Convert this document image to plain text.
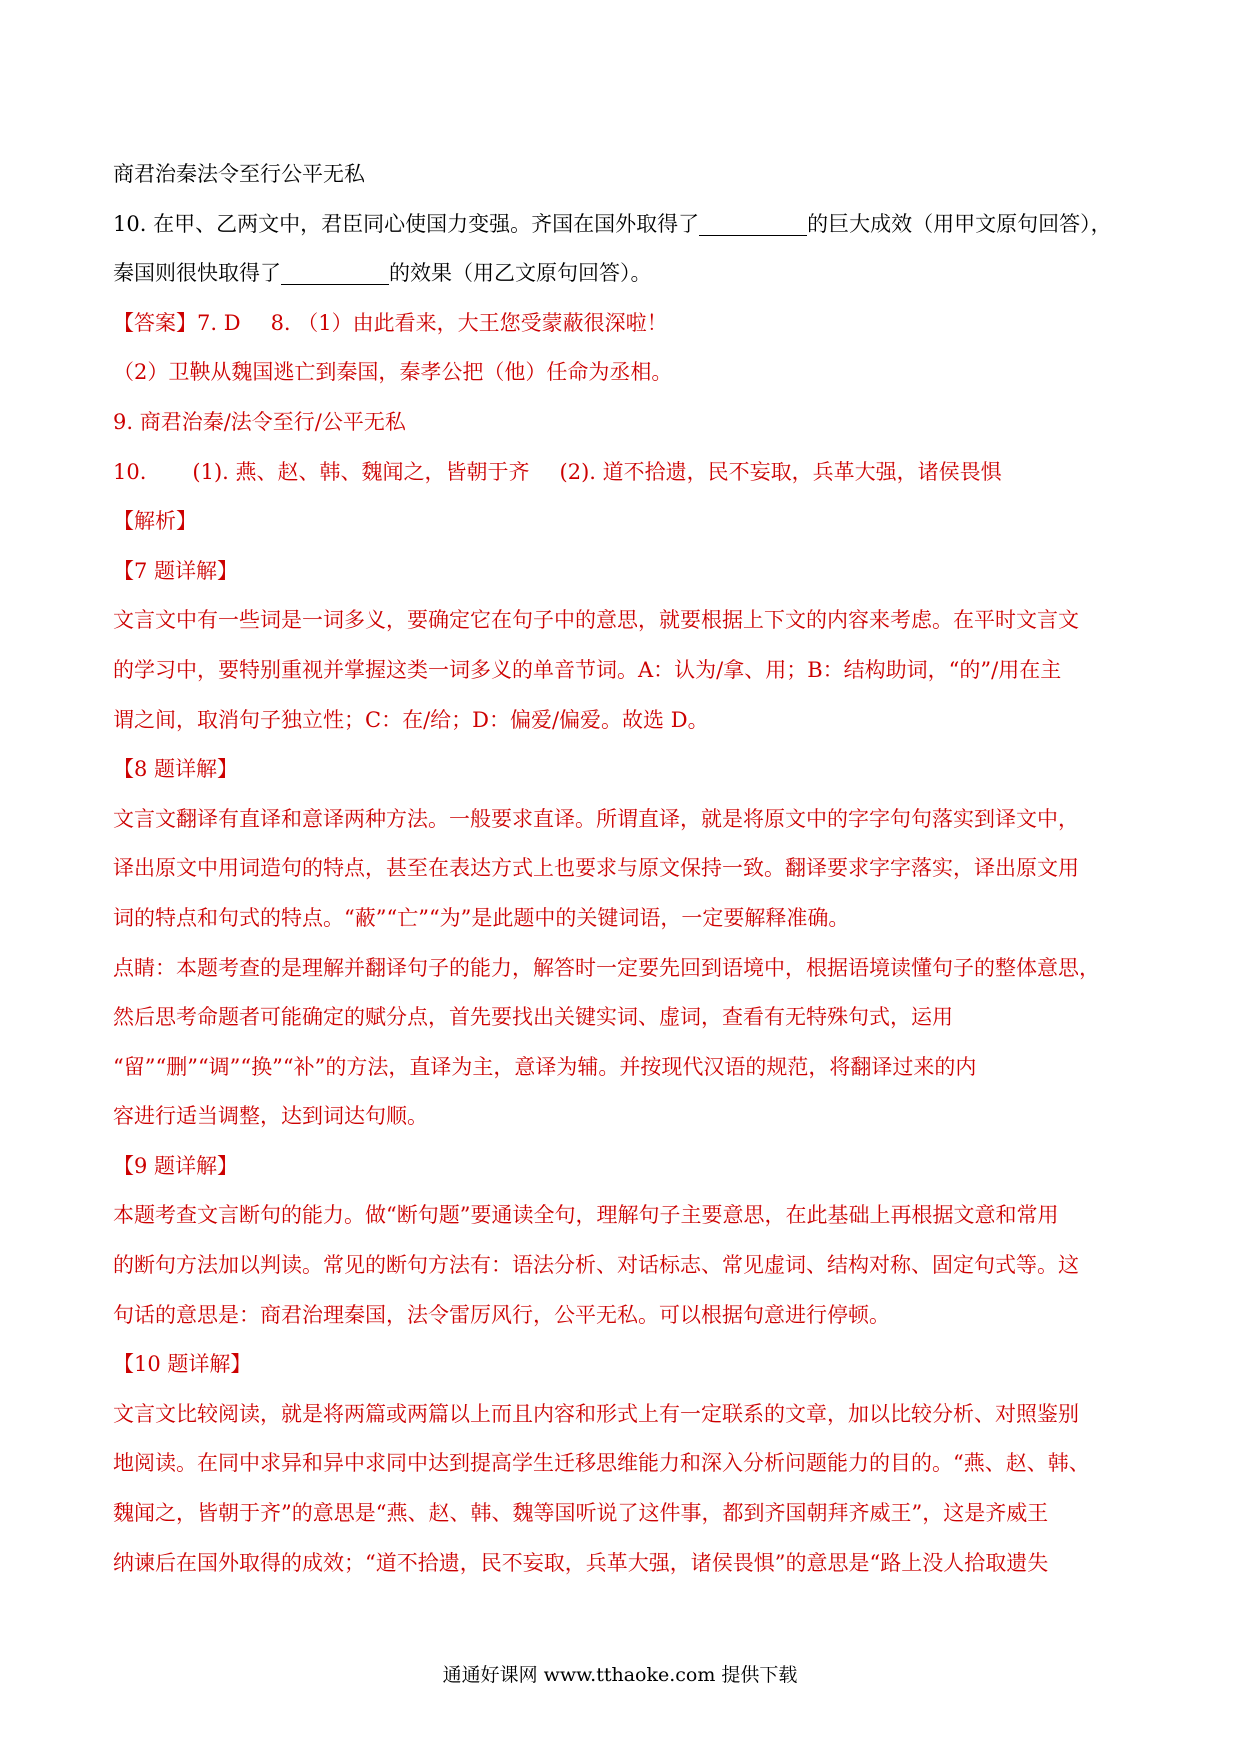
商君治秦法令至行公平无私
10. 在甲、乙两文中，君臣同心使国力变强。齐国在国外取得了	的巨大成效（用甲文原句回答），
秦国则很快取得了	的效果（用乙文原句回答）。
【答案】7. D 8. （1）由此看来，大王您受蒙蔽很深啦！
（2）卫鞅从魏国逃亡到秦国，秦孝公把（他）任命为丞相。
9. 商君治秦/法令至行/公平无私
10. (1). 燕、赵、韩、魏闻之，皆朝于齐 (2). 道不拾遗，民不妄取，兵革大强，诸侯畏惧
【解析】
【7 题详解】
文言文中有一些词是一词多义，要确定它在句子中的意思，就要根据上下文的内容来考虑。在平时文言文
的学习中，要特别重视并掌握这类一词多义的单音节词。A：认为/拿、用；B：结构助词，“的”/用在主
谓之间，取消句子独立性；C：在/给；D：偏爱/偏爱。故选 D。
【8 题详解】
文言文翻译有直译和意译两种方法。一般要求直译。所谓直译，就是将原文中的字字句句落实到译文中，
译出原文中用词造句的特点，甚至在表达方式上也要求与原文保持一致。翻译要求字字落实，译出原文用
词的特点和句式的特点。“蔽”“亡”“为”是此题中的关键词语，一定要解释准确。
点睛：本题考查的是理解并翻译句子的能力，解答时一定要先回到语境中，根据语境读懂句子的整体意思，
然后思考命题者可能确定的赋分点，首先要找出关键实词、虚词，查看有无特殊句式，运用
“留”“删”“调”“换”“补”的方法，直译为主，意译为辅。并按现代汉语的规范，将翻译过来的内
容进行适当调整，达到词达句顺。
【9 题详解】
本题考查文言断句的能力。做“断句题”要通读全句，理解句子主要意思，在此基础上再根据文意和常用
的断句方法加以判读。常见的断句方法有：语法分析、对话标志、常见虚词、结构对称、固定句式等。这
句话的意思是：商君治理秦国，法令雷厉风行，公平无私。可以根据句意进行停顿。
【10 题详解】
文言文比较阅读，就是将两篇或两篇以上而且内容和形式上有一定联系的文章，加以比较分析、对照鉴别
地阅读。在同中求异和异中求同中达到提高学生迁移思维能力和深入分析问题能力的目的。“燕、赵、韩、
魏闻之，皆朝于齐”的意思是“燕、赵、韩、魏等国听说了这件事，都到齐国朝拜齐威王”，这是齐威王
纳谏后在国外取得的成效；“道不拾遗，民不妄取，兵革大强，诸侯畏惧”的意思是“路上没人拾取遗失
通通好课网 www.tthaoke.com 提供下载
